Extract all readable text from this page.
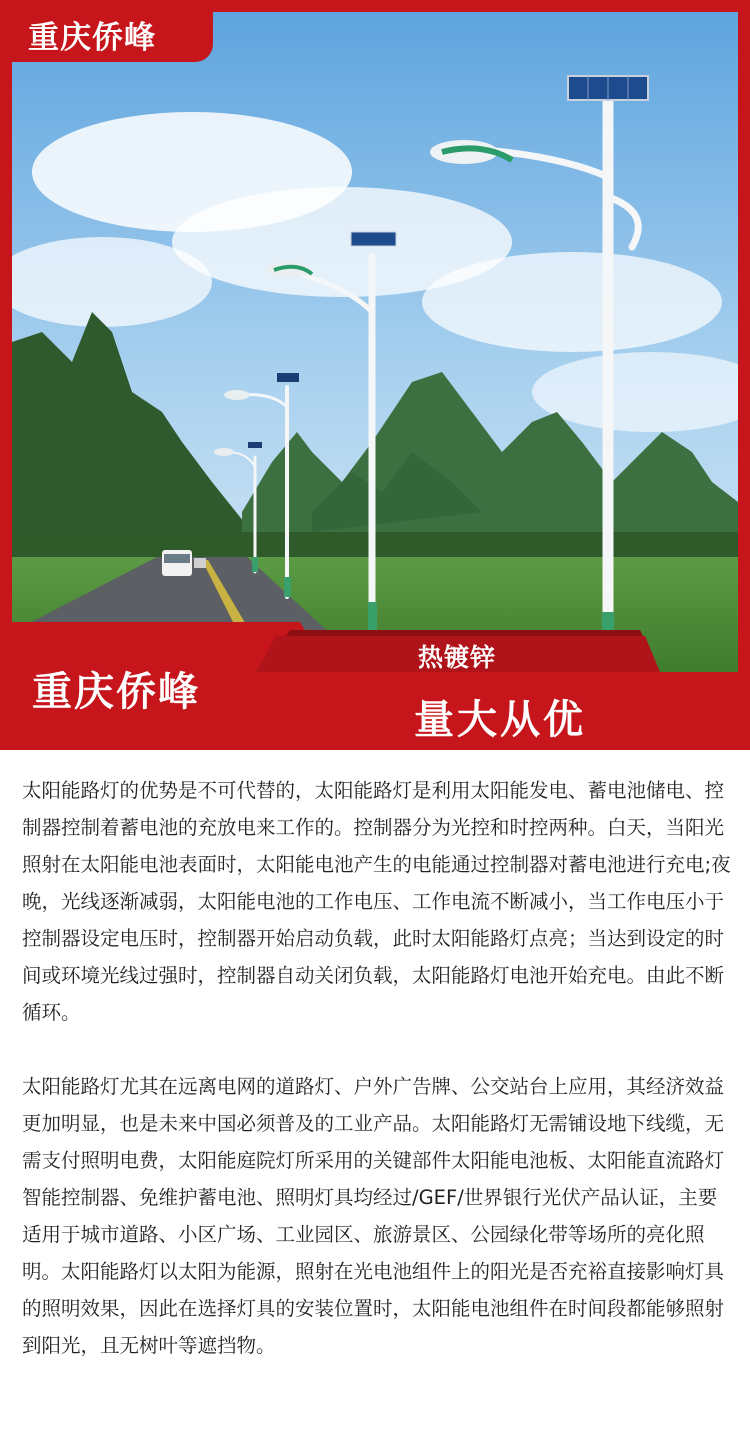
重庆侨峰
重庆侨峰
热镀锌
量大从优

太阳能路灯的优势是不可代替的，太阳能路灯是利用太阳能发电、蓄电池储电、控制器控制着蓄电池的充放电来工作的。控制器分为光控和时控两种。白天，当阳光照射在太阳能电池表面时，太阳能电池产生的电能通过控制器对蓄电池进行充电;夜晚，光线逐渐减弱，太阳能电池的工作电压、工作电流不断减小，当工作电压小于控制器设定电压时，控制器开始启动负载，此时太阳能路灯点亮；当达到设定的时间或环境光线过强时，控制器自动关闭负载，太阳能路灯电池开始充电。由此不断循环。

太阳能路灯尤其在远离电网的道路灯、户外广告牌、公交站台上应用，其经济效益更加明显，也是未来中国必须普及的工业产品。太阳能路灯无需铺设地下线缆，无需支付照明电费，太阳能庭院灯所采用的关键部件太阳能电池板、太阳能直流路灯智能控制器、免维护蓄电池、照明灯具均经过/GEF/世界银行光伏产品认证，主要适用于城市道路、小区广场、工业园区、旅游景区、公园绿化带等场所的亮化照明。太阳能路灯以太阳为能源，照射在光电池组件上的阳光是否充裕直接影响灯具的照明效果，因此在选择灯具的安装位置时，太阳能电池组件在时间段都能够照射到阳光，且无树叶等遮挡物。
